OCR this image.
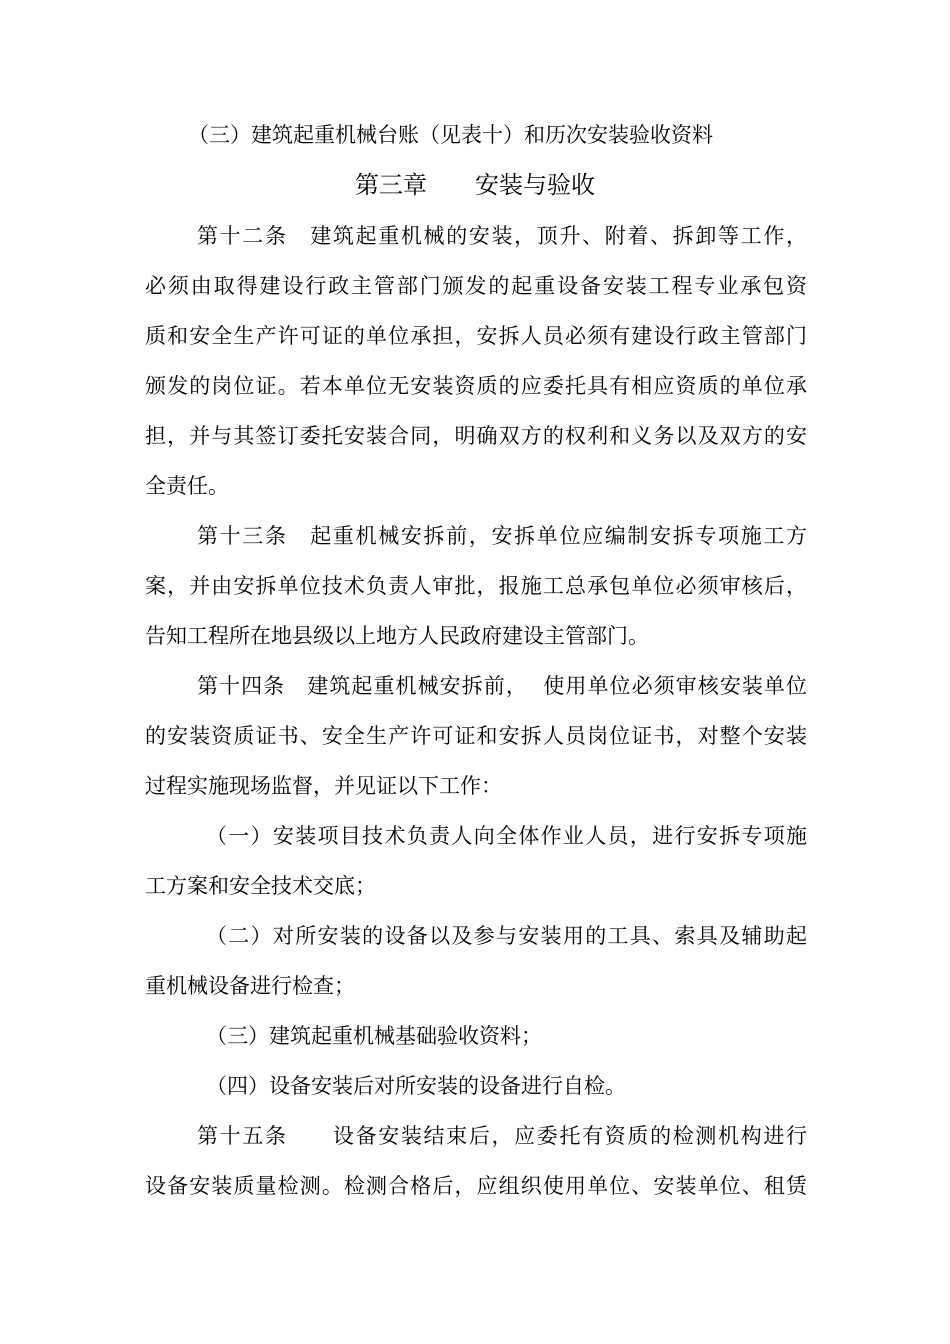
（三）建筑起重机械台账（见表十）和历次安装验收资料
第三章　　安装与验收
第十二条　建筑起重机械的安装，顶升、附着、拆卸等工作，
必须由取得建设行政主管部门颁发的起重设备安装工程专业承包资
质和安全生产许可证的单位承担，安拆人员必须有建设行政主管部门
颁发的岗位证。若本单位无安装资质的应委托具有相应资质的单位承
担，并与其签订委托安装合同，明确双方的权利和义务以及双方的安
全责任。
第十三条　起重机械安拆前，安拆单位应编制安拆专项施工方
案，并由安拆单位技术负责人审批，报施工总承包单位必须审核后，
告知工程所在地县级以上地方人民政府建设主管部门。
第十四条　建筑起重机械安拆前，  使用单位必须审核安装单位
的安装资质证书、安全生产许可证和安拆人员岗位证书，对整个安装
过程实施现场监督，并见证以下工作：
（一）安装项目技术负责人向全体作业人员，进行安拆专项施
工方案和安全技术交底；
（二）对所安装的设备以及参与安装用的工具、索具及辅助起
重机械设备进行检查；
（三）建筑起重机械基础验收资料；
（四）设备安装后对所安装的设备进行自检。
第十五条　　设备安装结束后，应委托有资质的检测机构进行
设备安装质量检测。检测合格后，应组织使用单位、安装单位、租赁
